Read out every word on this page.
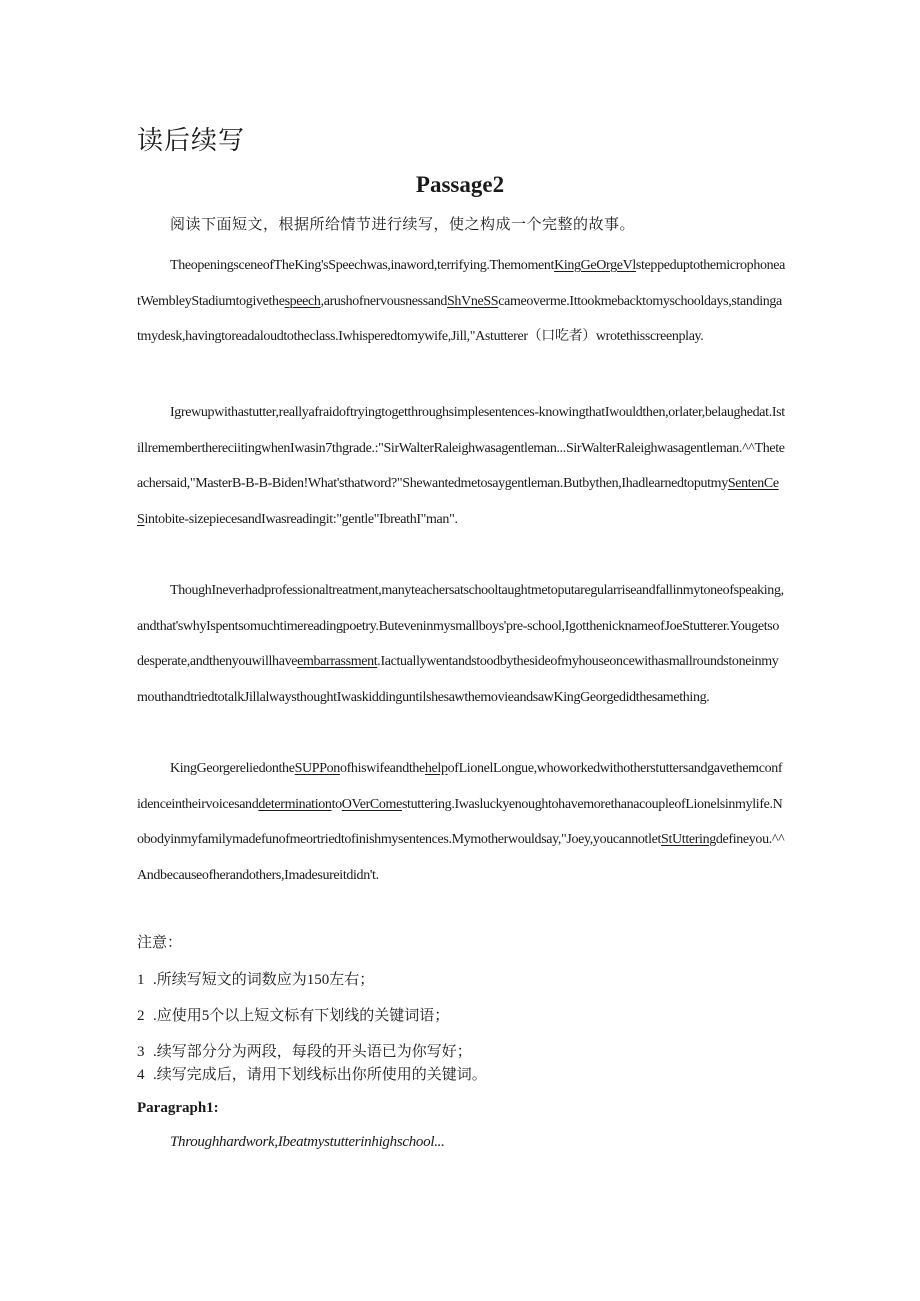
读后续写
Passage2

阅读下面短文，根据所给情节进行续写，使之构成一个完整的故事。

TheopeningsceneofTheKing'sSpeechwas,inaword,terrifying.ThemomentKingGeOrgeVlsteppeduptothemicrophoneatWembleyStadiumtogivethespeech,arushofnervousnessandShVneSScameoverme.Ittookmebacktomyschooldays,standingatmydesk,havingtoreadaloudtotheclass.Iwhisperedtomywife,Jill,"Astutterer（口吃者）wrotethisscreenplay.

Igrewupwithastutter,reallyafraidoftryingtogetthroughsimplesentences-knowingthatIwouldthen,orlater,belaughedat.IstillrememberthereciitingwhenIwasin7thgrade.:"SirWalterRaleighwasagentleman...SirWalterRaleighwasagentleman.^^Theteachersaid,"MasterB-B-B-Biden!What'sthatword?"Shewantedmetosaygentleman.Butbythen,IhadlearnedtoputmySentenCeSintobite-sizepiecesandIwasreadingit:"gentle"IbreathI"man".

ThoughIneverhadprofessionaltreatment,manyteachersatschooltaughtmetoputaregularriseandfallinmytoneofspeaking,andthat'swhyIspentsomuchtimereadingpoetry.Buteveninmysmallboys'pre-school,IgotthenicknameofJoeStutterer.Yougetsodesperate,andthenyouwillhaveembarrassment.IactuallywentandstoodbythesideofmyhouseoncewithasmallroundstoneinmymouthandtriedtotalkJillalwaysthoughtIwaskiddinguntilshesawthemovieandsawKingGeorgedidthesamething.

KingGeorgereliedontheSUPPonofhiswifeandthehelpofLionelLongue,whoworkedwithotherstuttersandgavethemconfidenceintheirvoicesanddeterminationtoOVerComestuttering.IwasluckyenoughtohavemorethanacoupleofLionelsinmylife.Nobodyinmyfamilymadefunofmeortriedtofinishmysentences.Mymotherwouldsay,"Joey,youcannotletStUtteringdefineyou.^^Andbecauseofherandothers,Imadesureitdidn't.

注意：

1 .所续写短文的词数应为150左右；

2 .应使用5个以上短文标有下划线的关键词语；

3 .续写部分分为两段，每段的开头语已为你写好；

4 .续写完成后，请用下划线标出你所使用的关键词。

Paragraph1:

Throughhardwork,Ibeatmystutterinhighschool...
